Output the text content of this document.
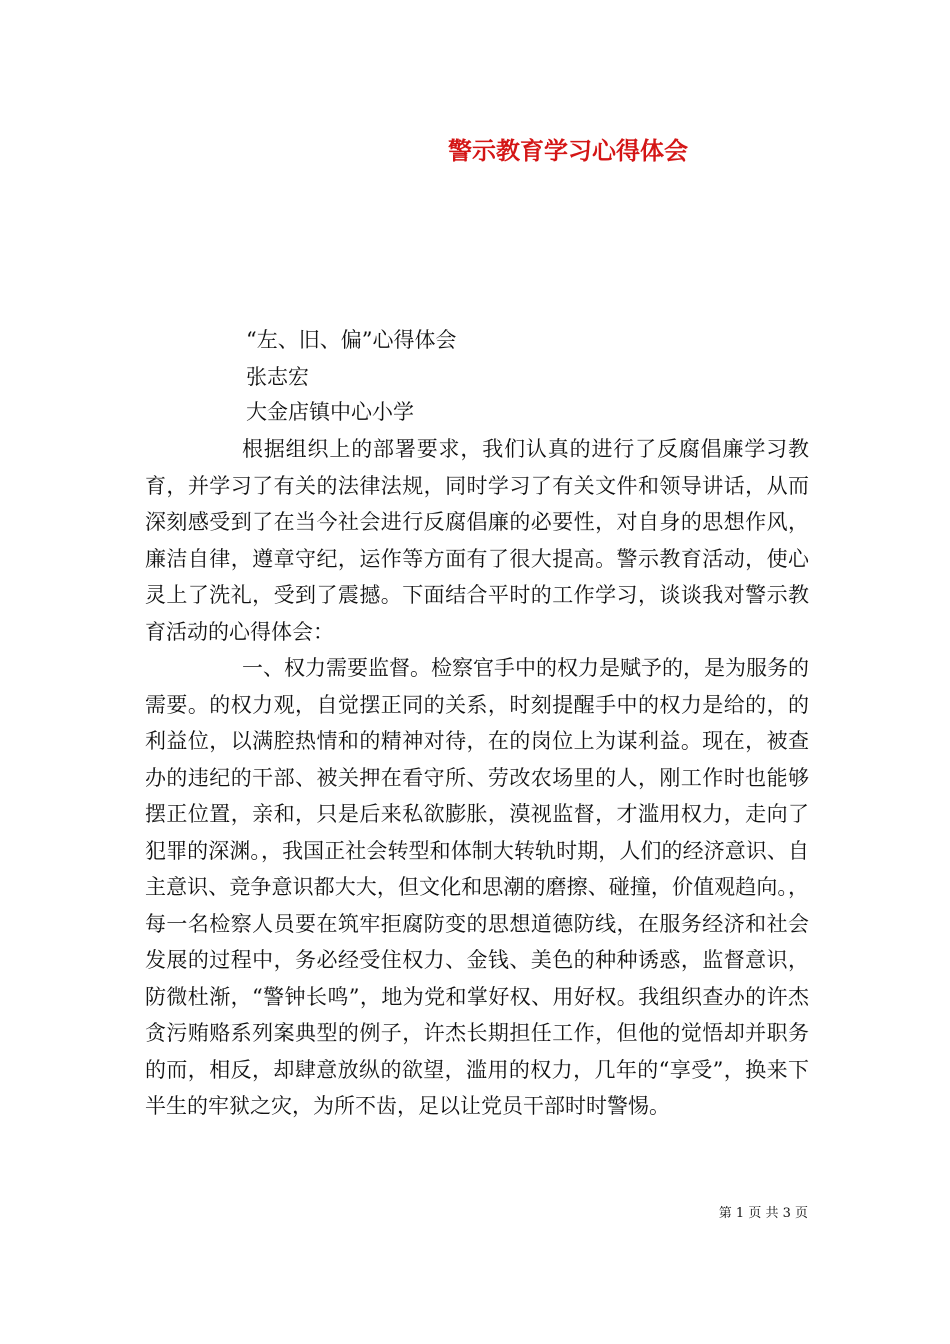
警示教育学习心得体会
“左、旧、偏”心得体会
张志宏
大金店镇中心小学

根据组织上的部署要求，我们认真的进行了反腐倡廉学习教育，并学习了有关的法律法规，同时学习了有关文件和领导讲话，从而深刻感受到了在当今社会进行反腐倡廉的必要性，对自身的思想作风，廉洁自律，遵章守纪，运作等方面有了很大提高。警示教育活动，使心灵上了洗礼，受到了震撼。下面结合平时的工作学习，谈谈我对警示教育活动的心得体会：

一、权力需要监督。检察官手中的权力是赋予的，是为服务的需要。的权力观，自觉摆正同的关系，时刻提醒手中的权力是给的，的利益位，以满腔热情和的精神对待，在的岗位上为谋利益。现在，被查办的违纪的干部、被关押在看守所、劳改农场里的人，刚工作时也能够摆正位置，亲和，只是后来私欲膨胀，漠视监督，才滥用权力，走向了犯罪的深渊。，我国正社会转型和体制大转轨时期，人们的经济意识、自主意识、竞争意识都大大，但文化和思潮的磨擦、碰撞，价值观趋向。，每一名检察人员要在筑牢拒腐防变的思想道德防线，在服务经济和社会发展的过程中，务必经受住权力、金钱、美色的种种诱惑，监督意识，防微杜渐，“警钟长鸣”，地为党和掌好权、用好权。我组织查办的许杰贪污贿赂系列案典型的例子，许杰长期担任工作，但他的觉悟却并职务的而，相反，却肆意放纵的欲望，滥用的权力，几年的“享受”，换来下半生的牢狱之灾，为所不齿，足以让党员干部时时警惕。

第 1 页 共 3 页
